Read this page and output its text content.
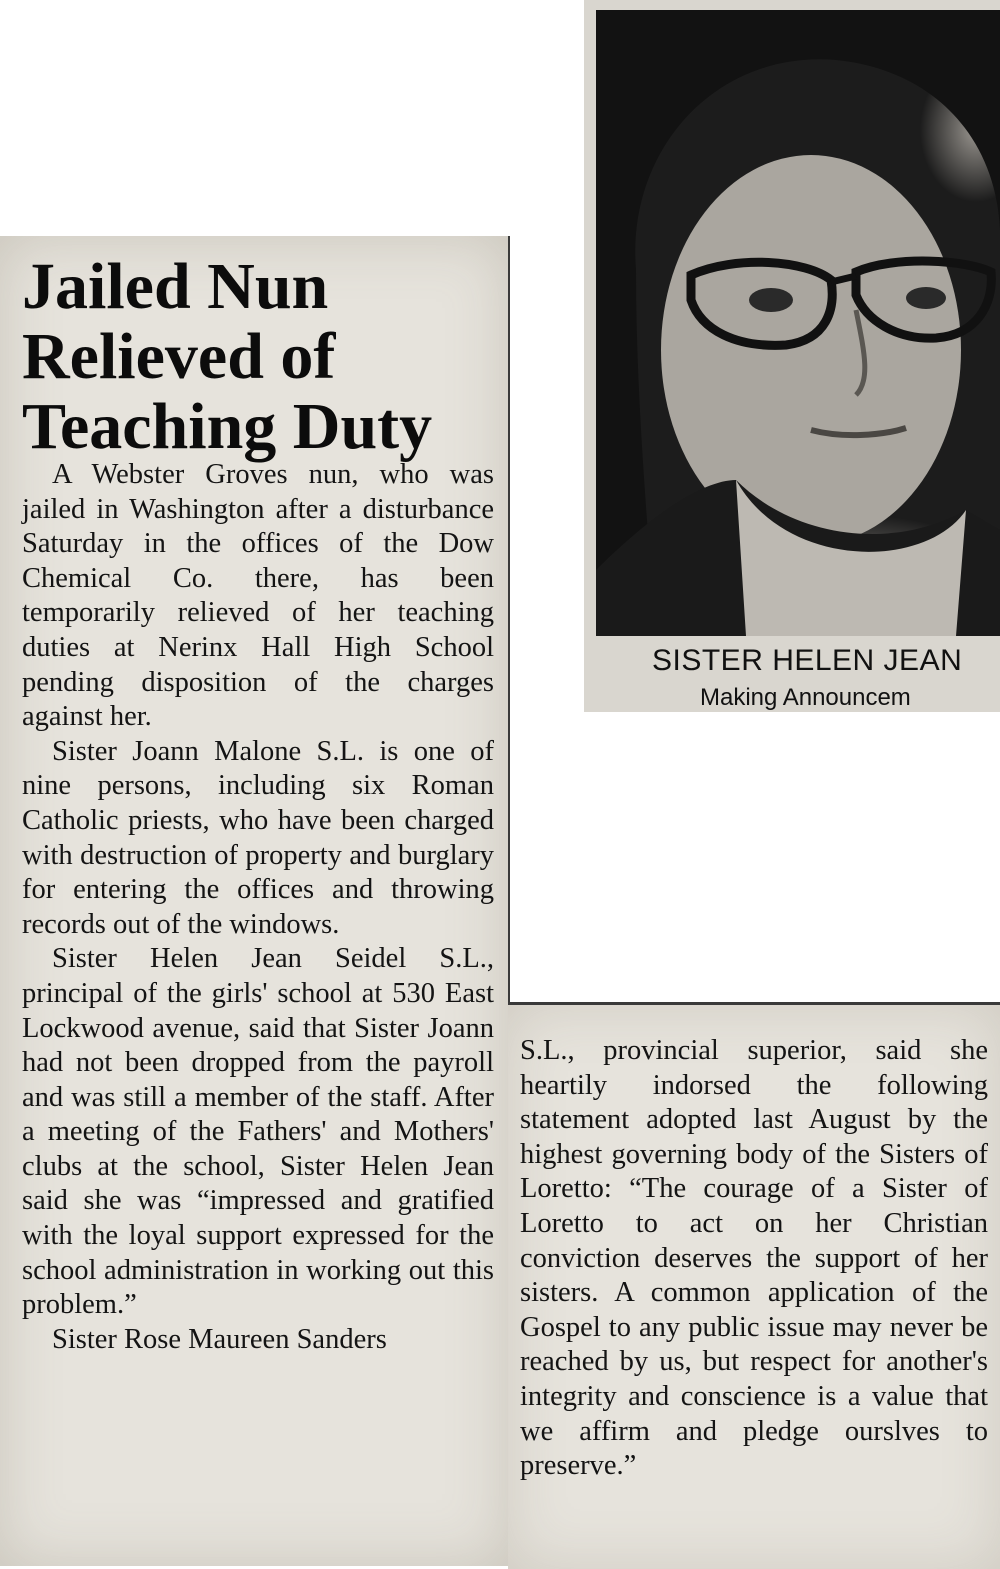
Jailed Nun
Relieved of
Teaching Duty

A Webster Groves nun, who was jailed in Washington after a disturbance Saturday in the offices of the Dow Chemical Co. there, has been temporarily relieved of her teaching duties at Nerinx Hall High School pending disposition of the charges against her.

Sister Joann Malone S.L. is one of nine persons, including six Roman Catholic priests, who have been charged with destruction of property and burglary for entering the offices and throwing records out of the windows.

Sister Helen Jean Seidel S.L., principal of the girls' school at 530 East Lockwood avenue, said that Sister Joann had not been dropped from the payroll and was still a member of the staff. After a meeting of the Fathers' and Mothers' clubs at the school, Sister Helen Jean said she was “impressed and gratified with the loyal support expressed for the school administration in working out this problem.”

Sister Rose Maureen Sanders

S.L., provincial superior, said she heartily indorsed the following statement adopted last August by the highest governing body of the Sisters of Loretto: “The courage of a Sister of Loretto to act on her Christian conviction deserves the support of her sisters. A common application of the Gospel to any public issue may never be reached by us, but respect for another's integrity and conscience is a value that we affirm and pledge ourslves to preserve.”

SISTER HELEN JEAN
Making Announcem
